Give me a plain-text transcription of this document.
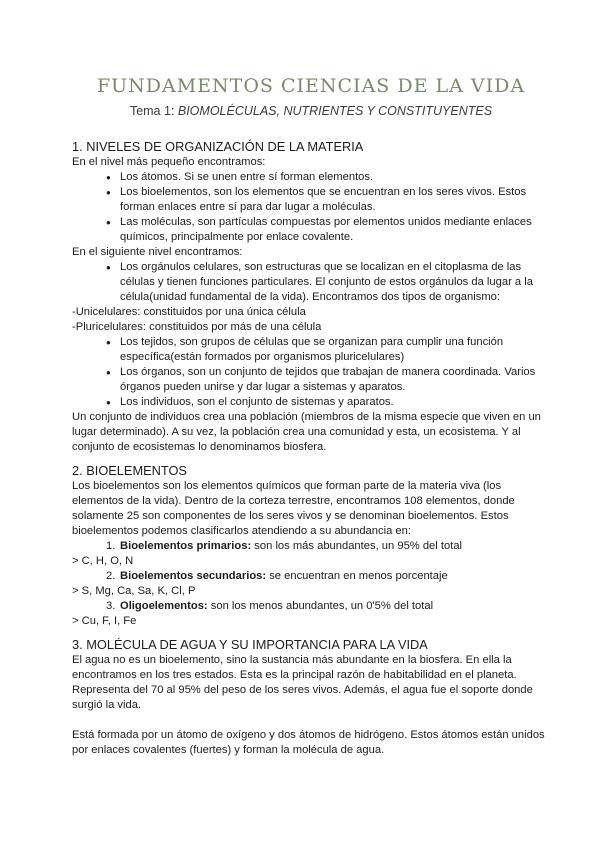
FUNDAMENTOS CIENCIAS DE LA VIDA
Tema 1: BIOMOLÉCULAS, NUTRIENTES Y CONSTITUYENTES
1. NIVELES DE ORGANIZACIÓN DE LA MATERIA

En el nivel más pequeño encontramos:

● Los átomos. Si se unen entre sí forman elementos.
● Los bioelementos, son los elementos que se encuentran en los seres vivos. Estos forman enlaces entre sí para dar lugar a moléculas.
● Las moléculas, son partículas compuestas por elementos unidos mediante enlaces químicos, principalmente por enlace covalente.

En el siguiente nivel encontramos:

● Los orgánulos celulares, son estructuras que se localizan en el citoplasma de las células y tienen funciones particulares. El conjunto de estos orgánulos da lugar a la célula(unidad fundamental de la vida). Encontramos dos tipos de organismo:

-Unicelulares: constituidos por una única célula

-Pluricelulares: constituidos por más de una célula

● Los tejidos, son grupos de células que se organizan para cumplir una función específica(están formados por organismos pluricelulares)
● Los órganos, son un conjunto de tejidos que trabajan de manera coordinada. Varios órganos pueden unirse y dar lugar a sistemas y aparatos.
● Los individuos, son el conjunto de sistemas y aparatos.

Un conjunto de individuos crea una población (miembros de la misma especie que viven en un lugar determinado). A su vez, la población crea una comunidad y esta, un ecosistema. Y al conjunto de ecosistemas lo denominamos biosfera.

2. BIOELEMENTOS

Los bioelementos son los elementos químicos que forman parte de la materia viva (los elementos de la vida). Dentro de la corteza terrestre, encontramos 108 elementos, donde solamente 25 son componentes de los seres vivos y se denominan bioelementos. Estos bioelementos podemos clasificarlos atendiendo a su abundancia en:

1. Bioelementos primarios: son los más abundantes, un 95% del total

> C, H, O, N

2. Bioelementos secundarios: se encuentran en menos porcentaje

> S, Mg, Ca, Sa, K, Cl, P

3. Oligoelementos: son los menos abundantes, un 0'5% del total

> Cu, F, I, Fe

3. MOLÉCULA DE AGUA Y SU IMPORTANCIA PARA LA VIDA

El agua no es un bioelemento, sino la sustancia más abundante en la biosfera. En ella la encontramos en los tres estados. Esta es la principal razón de habitabilidad en el planeta. Representa del 70 al 95% del peso de los seres vivos. Además, el agua fue el soporte donde surgió la vida.

Está formada por un átomo de oxígeno y dos átomos de hidrógeno. Estos átomos están unidos por enlaces covalentes (fuertes) y forman la molécula de agua.
